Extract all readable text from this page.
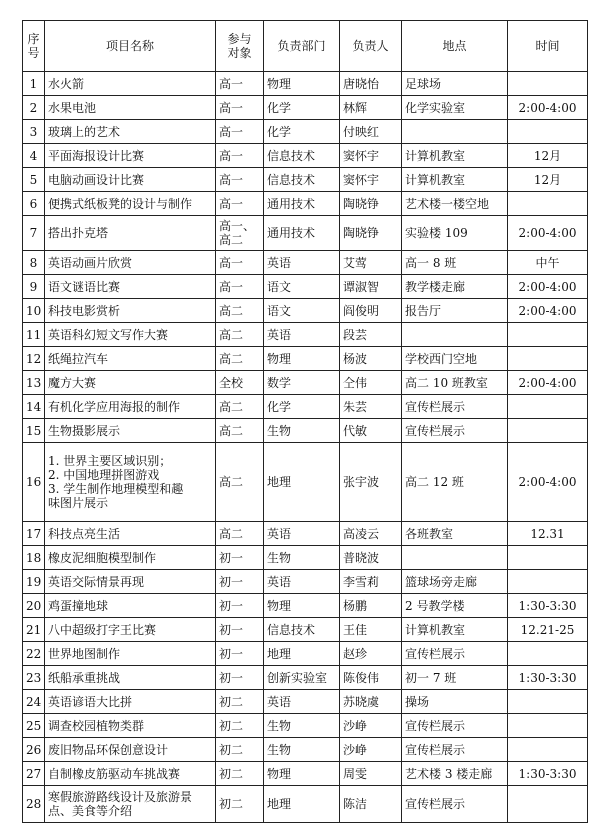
序
号	项目名称	参与
对象	负责部门	负责人	地点	时间
1	水火箭	高一	物理	唐晓怡	足球场	
2	水果电池	高一	化学	林辉	化学实验室	2:00-4:00
3	玻璃上的艺术	高一	化学	付映红		
4	平面海报设计比赛	高一	信息技术	窦怀宇	计算机教室	12月
5	电脑动画设计比赛	高一	信息技术	窦怀宇	计算机教室	12月
6	便携式纸板凳的设计与制作	高一	通用技术	陶晓铮	艺术楼一楼空地	
7	搭出扑克塔	高一、
高二	通用技术	陶晓铮	实验楼 109	2:00-4:00
8	英语动画片欣赏	高一	英语	艾莺	高一 8 班	中午
9	语文谜语比赛	高一	语文	谭淑智	教学楼走廊	2:00-4:00
10	科技电影赏析	高二	语文	阎俊明	报告厅	2:00-4:00
11	英语科幻短文写作大赛	高二	英语	段芸		
12	纸绳拉汽车	高二	物理	杨波	学校西门空地	
13	魔方大赛	全校	数学	仝伟	高二 10 班教室	2:00-4:00
14	有机化学应用海报的制作	高二	化学	朱芸	宣传栏展示	
15	生物摄影展示	高二	生物	代敏	宣传栏展示	
16	1. 世界主要区域识别；
2. 中国地理拼图游戏
3. 学生制作地理模型和趣
味图片展示	高二	地理	张宇波	高二 12 班	2:00-4:00
17	科技点亮生活	高二	英语	高凌云	各班教室	12.31
18	橡皮泥细胞模型制作	初一	生物	普晓波		
19	英语交际情景再现	初一	英语	李雪莉	篮球场旁走廊	
20	鸡蛋撞地球	初一	物理	杨鹏	2 号教学楼	1:30-3:30
21	八中超级打字王比赛	初一	信息技术	王佳	计算机教室	12.21-25
22	世界地图制作	初一	地理	赵珍	宣传栏展示	
23	纸船承重挑战	初一	创新实验室	陈俊伟	初一 7 班	1:30-3:30
24	英语谚语大比拼	初二	英语	苏晓虞	操场	
25	调查校园植物类群	初二	生物	沙峥	宣传栏展示	
26	废旧物品环保创意设计	初二	生物	沙峥	宣传栏展示	
27	自制橡皮筋驱动车挑战赛	初二	物理	周雯	艺术楼 3 楼走廊	1:30-3:30
28	寒假旅游路线设计及旅游景
点、美食等介绍	初二	地理	陈洁	宣传栏展示	
